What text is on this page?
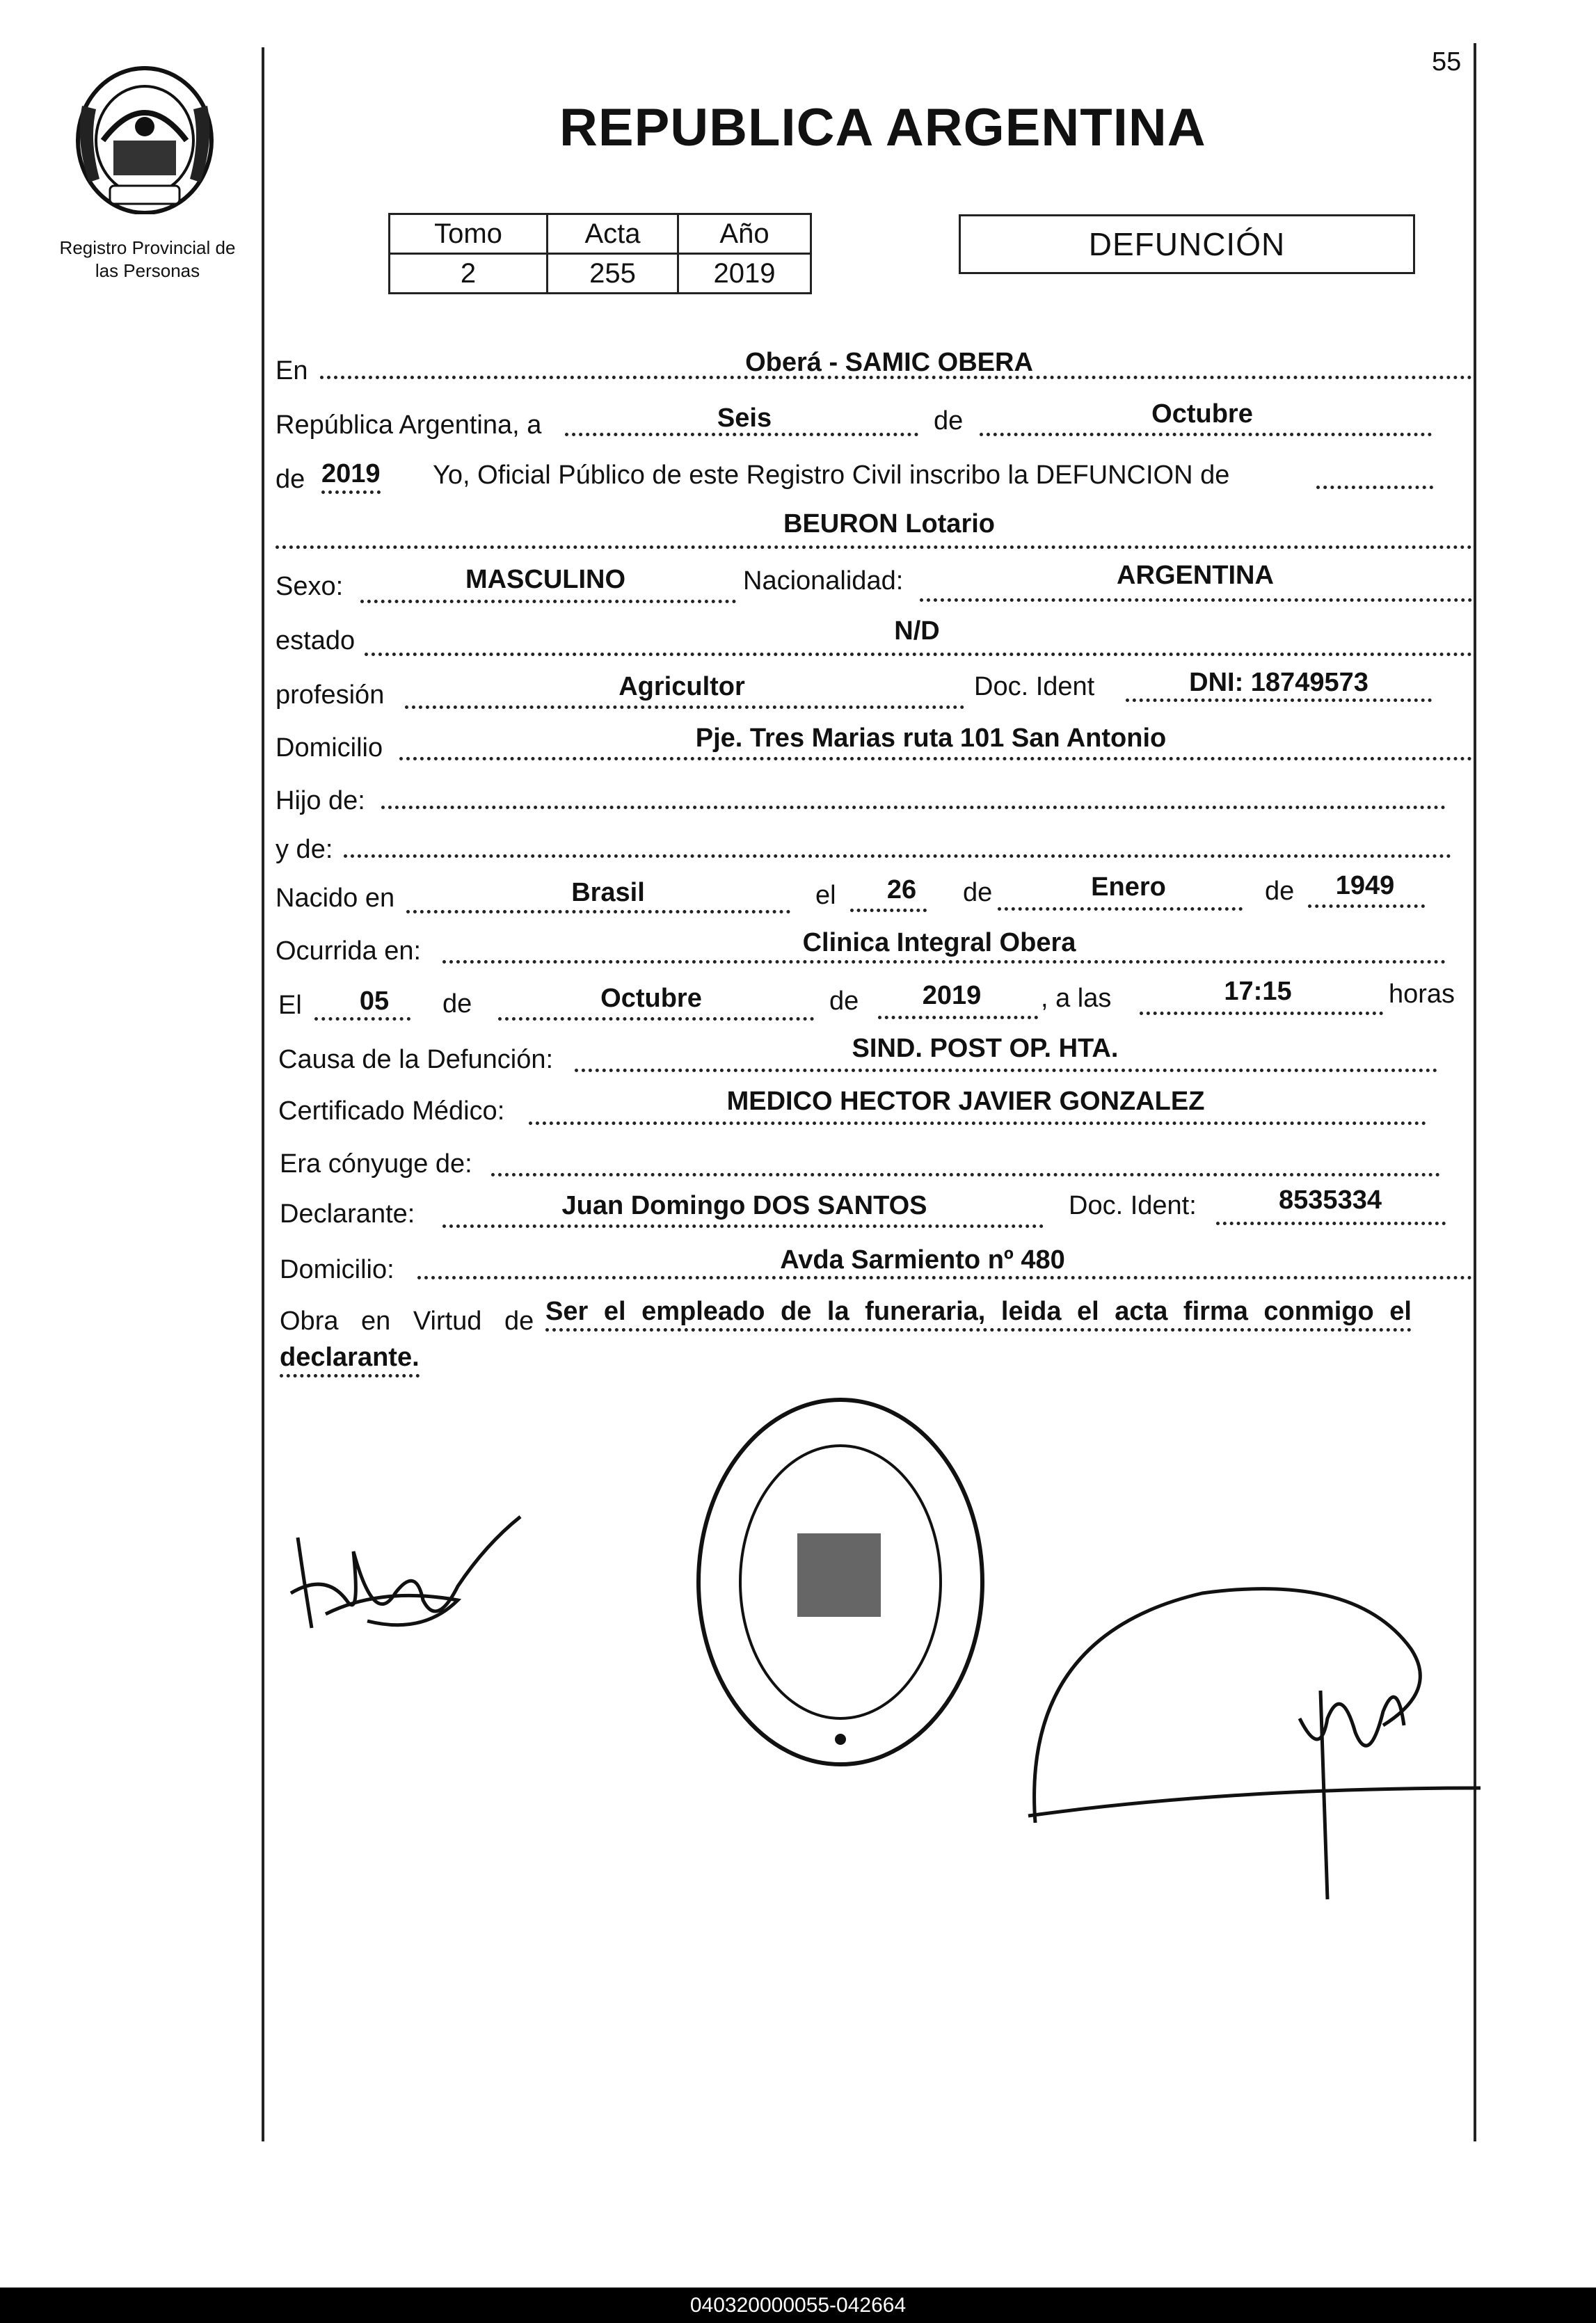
55
Registro Provincial de
las Personas
REPUBLICA ARGENTINA
Tomo	Acta	Año
2	255	2019
DEFUNCIÓN
En	Oberá - SAMIC OBERA
República Argentina, a	Seis	de	Octubre
de 2019 Yo, Oficial Público de este Registro Civil inscribo la DEFUNCION de
BEURON Lotario
Sexo:	MASCULINO	Nacionalidad:	ARGENTINA
estado	N/D
profesión	Agricultor	Doc. Ident	DNI: 18749573
Domicilio	Pje. Tres Marias ruta 101 San Antonio
Hijo de:
y de:
Nacido en	Brasil	el 26 de	Enero	de 1949
Ocurrida en:	Clinica Integral Obera
El 05 de	Octubre	de 2019 , a las	17:15	horas
Causa de la Defunción:	SIND. POST OP. HTA.
Certificado Médico:	MEDICO HECTOR JAVIER GONZALEZ
Era cónyuge de:
Declarante:	Juan Domingo DOS SANTOS	Doc. Ident:	8535334
Domicilio:	Avda Sarmiento nº 480
Obra en Virtud de Ser el empleado de la funeraria, leida el acta firma conmigo el
declarante.
040320000055-042664
